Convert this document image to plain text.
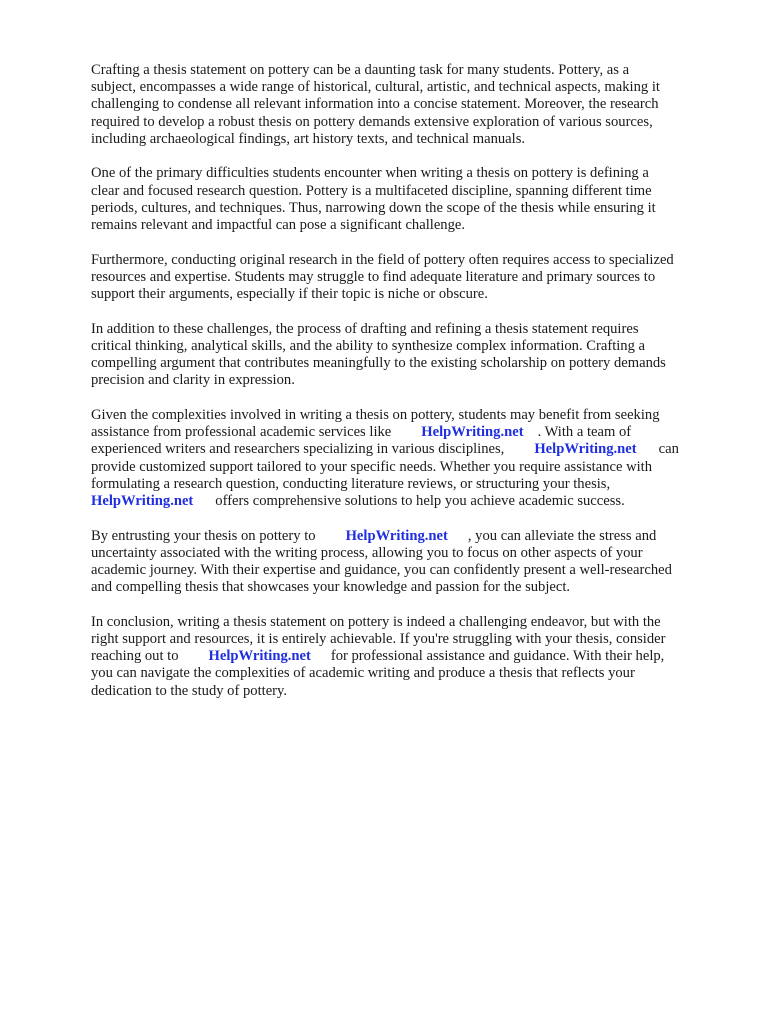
Crafting a thesis statement on pottery can be a daunting task for many students. Pottery, as a
subject, encompasses a wide range of historical, cultural, artistic, and technical aspects, making it
challenging to condense all relevant information into a concise statement. Moreover, the research
required to develop a robust thesis on pottery demands extensive exploration of various sources,
including archaeological findings, art history texts, and technical manuals.
One of the primary difficulties students encounter when writing a thesis on pottery is defining a
clear and focused research question. Pottery is a multifaceted discipline, spanning different time
periods, cultures, and techniques. Thus, narrowing down the scope of the thesis while ensuring it
remains relevant and impactful can pose a significant challenge.
Furthermore, conducting original research in the field of pottery often requires access to specialized
resources and expertise. Students may struggle to find adequate literature and primary sources to
support their arguments, especially if their topic is niche or obscure.
In addition to these challenges, the process of drafting and refining a thesis statement requires
critical thinking, analytical skills, and the ability to synthesize complex information. Crafting a
compelling argument that contributes meaningfully to the existing scholarship on pottery demands
precision and clarity in expression.
Given the complexities involved in writing a thesis on pottery, students may benefit from seeking
assistance from professional academic services like HelpWriting.net . With a team of
experienced writers and researchers specializing in various disciplines, HelpWriting.net can
provide customized support tailored to your specific needs. Whether you require assistance with
formulating a research question, conducting literature reviews, or structuring your thesis,
HelpWriting.net offers comprehensive solutions to help you achieve academic success.
By entrusting your thesis on pottery to HelpWriting.net , you can alleviate the stress and
uncertainty associated with the writing process, allowing you to focus on other aspects of your
academic journey. With their expertise and guidance, you can confidently present a well-researched
and compelling thesis that showcases your knowledge and passion for the subject.
In conclusion, writing a thesis statement on pottery is indeed a challenging endeavor, but with the
right support and resources, it is entirely achievable. If you're struggling with your thesis, consider
reaching out to HelpWriting.net for professional assistance and guidance. With their help,
you can navigate the complexities of academic writing and produce a thesis that reflects your
dedication to the study of pottery.
